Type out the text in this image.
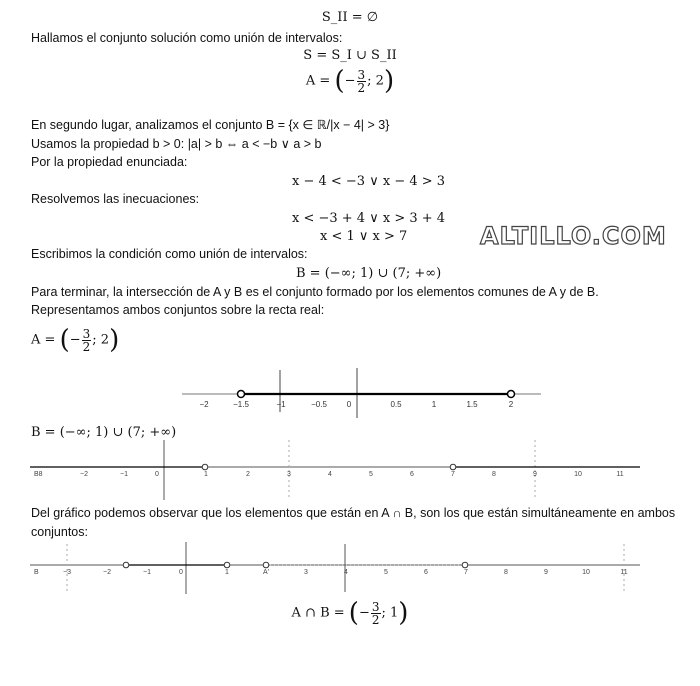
S_II = ∅
Hallamos el conjunto solución como unión de intervalos:
S = S_I ∪ S_II
A = (− $\frac{3}{2}$ ; 2)
En segundo lugar, analizamos el conjunto B = {x ∈ ℝ/|x − 4| > 3}
Usamos la propiedad b > 0: |a| > b ⇔ a < −b ∨ a > b
Por la propiedad enunciada:
x − 4 < −3 ∨ x − 4 > 3
Resolvemos las inecuaciones:
x < −3 + 4 ∨ x > 3 + 4
x < 1 ∨ x > 7	ALTILLO.COM
Escribimos la condición como unión de intervalos:
B = (−∞; 1) ∪ (7; +∞)
Para terminar, la intersección de A y B es el conjunto formado por los elementos comunes de A y de B.
Representamos ambos conjuntos sobre la recta real:
A = (− $\frac{3}{2}$ ; 2)
−2	−1.5	−1	−0.5 0	0.5	1	1.5	2
B = (−∞; 1) ∪ (7; +∞)
−2	−1	0	1	2	3	4	5	6	7	8	9	10	11
B8
Del gráfico podemos observar que los elementos que están en A ∩ B, son los que están simultáneamente en ambos
conjuntos:
−3	−2	−1	0	1	A'	3	4	5	6	7	8	9	10	11
B
A ∩ B = (− $\frac{3}{2}$ ; 1)
